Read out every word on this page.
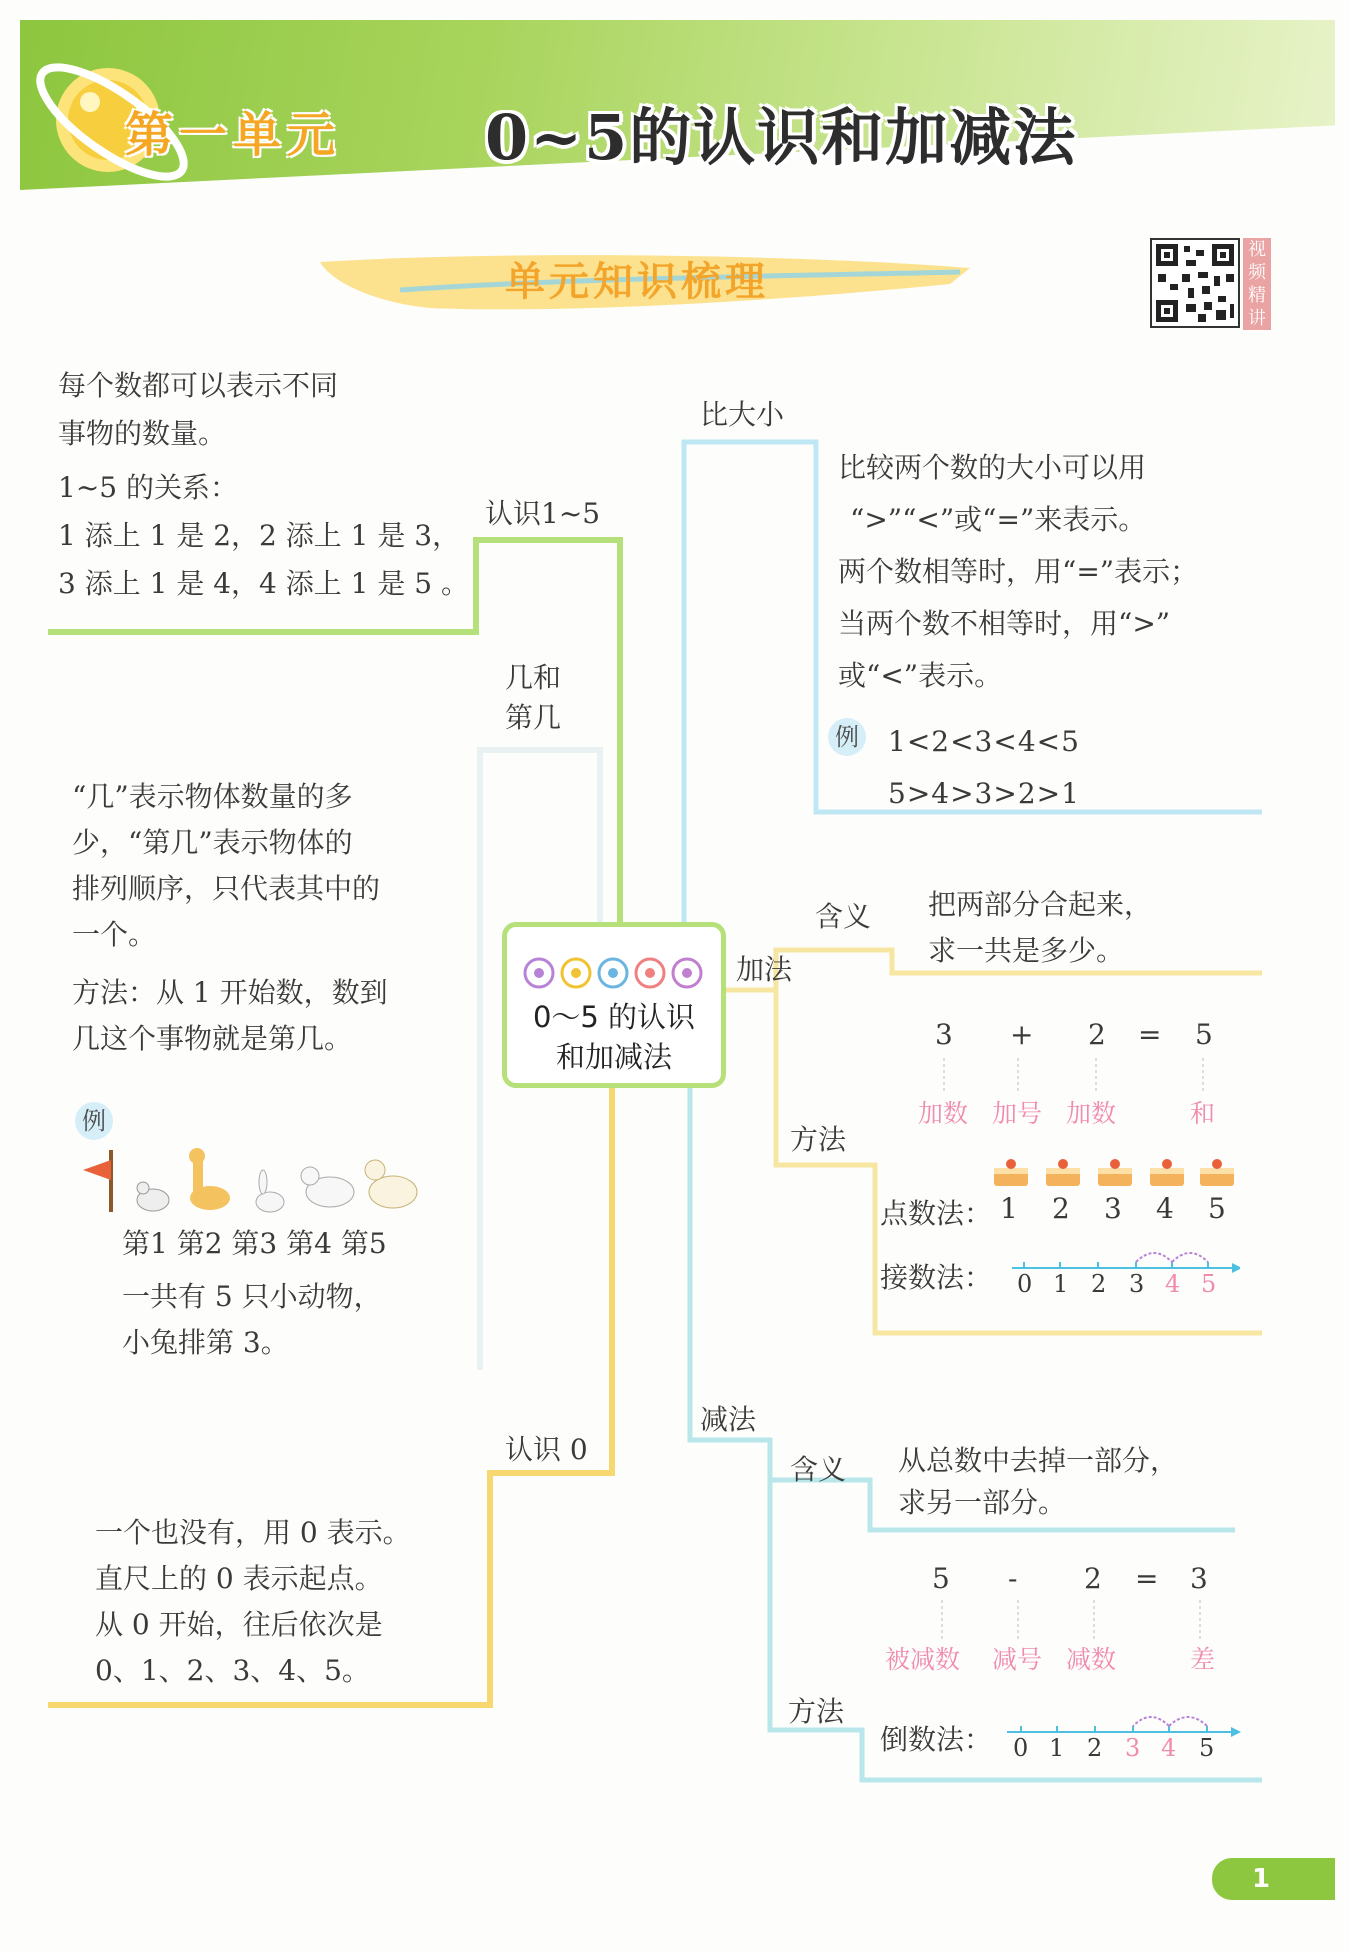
第一单元 0~5的认识和加减法
单元知识梳理
视频精讲
0～5 的认识
和加减法
认识1~5
每个数都可以表示不同
事物的数量。
1~5 的关系：
1 添上 1 是 2，2 添上 1 是 3，
3 添上 1 是 4，4 添上 1 是 5 。
几和
第几
“几”表示物体数量的多
少，“第几”表示物体的
排列顺序，只代表其中的
一个。
方法：从 1 开始数，数到
几这个事物就是第几。
例
第1 第2 第3 第4 第5
一共有 5 只小动物，
小兔排第 3。
认识 0
一个也没有，用 0 表示。
直尺上的 0 表示起点。
从 0 开始，往后依次是
0、1、2、3、4、5。
比大小
比较两个数的大小可以用
“>”“<”或“=”来表示。
两个数相等时，用“=”表示；
当两个数不相等时，用“>”
或“<”表示。
例 1<2<3<4<5
5>4>3>2>1
加法
含义 把两部分合起来，
求一共是多少。
方法
3 + 2 = 5
加数 加号 加数	和
点数法： 1 2 3 4 5
接数法： 0 1 2 3 4 5
减法
含义 从总数中去掉一部分，
求另一部分。
5 - 2 = 3
被减数 减号 减数	差
方法
倒数法： 0 1 2 3 4 5
1
